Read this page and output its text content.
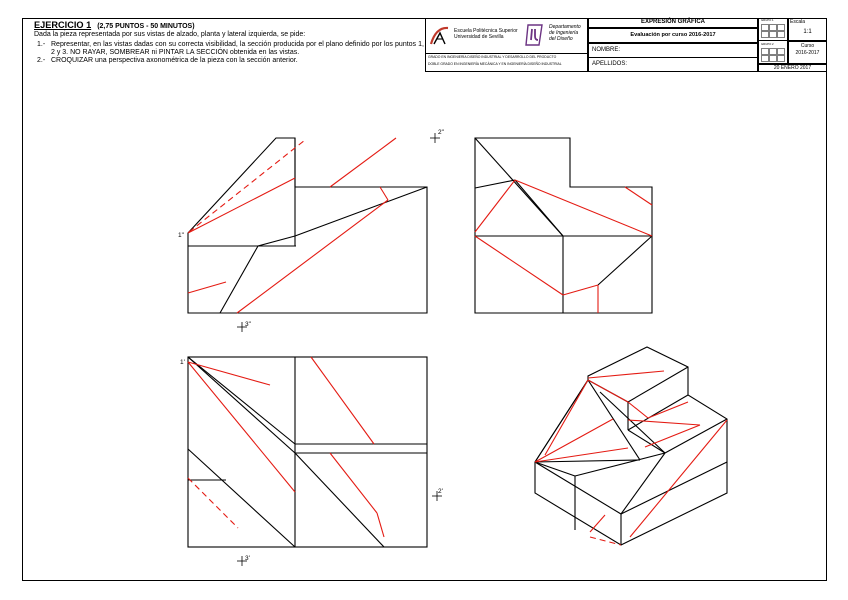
EJERCICIO 1 (2,75 PUNTOS - 50 MINUTOS)

Dada la pieza representada por sus vistas de alzado, planta y lateral izquierda, se pide:

1.- Representar, en las vistas dadas con su correcta visibilidad, la sección producida por el plano definido por los puntos 1, 2 y 3. NO RAYAR, SOMBREAR ni PINTAR LA SECCIÓN obtenida en las vistas.
2.- CROQUIZAR una perspectiva axonométrica de la pieza con la sección anterior.
Escuela Politécnica Superior
Universidad de Sevilla
Departamento
de Ingeniería
del Diseño
GRADO EN INGENIERÍA DISEÑO INDUSTRIAL Y DESARROLLO DEL PRODUCTO
DOBLE GRADO EN INGENIERÍA MECÁNICA Y EN INGENIERÍA DISEÑO INDUSTRIAL
EXPRESIÓN GRÁFICA
Evaluación por curso 2016-2017
NOMBRE:
APELLIDOS:
GRUPO 1
GRUPO 2
Escala
1:1
Curso
2016-2017
20 ENERO 2017
1"
2"
3"
1'
2'
3'
